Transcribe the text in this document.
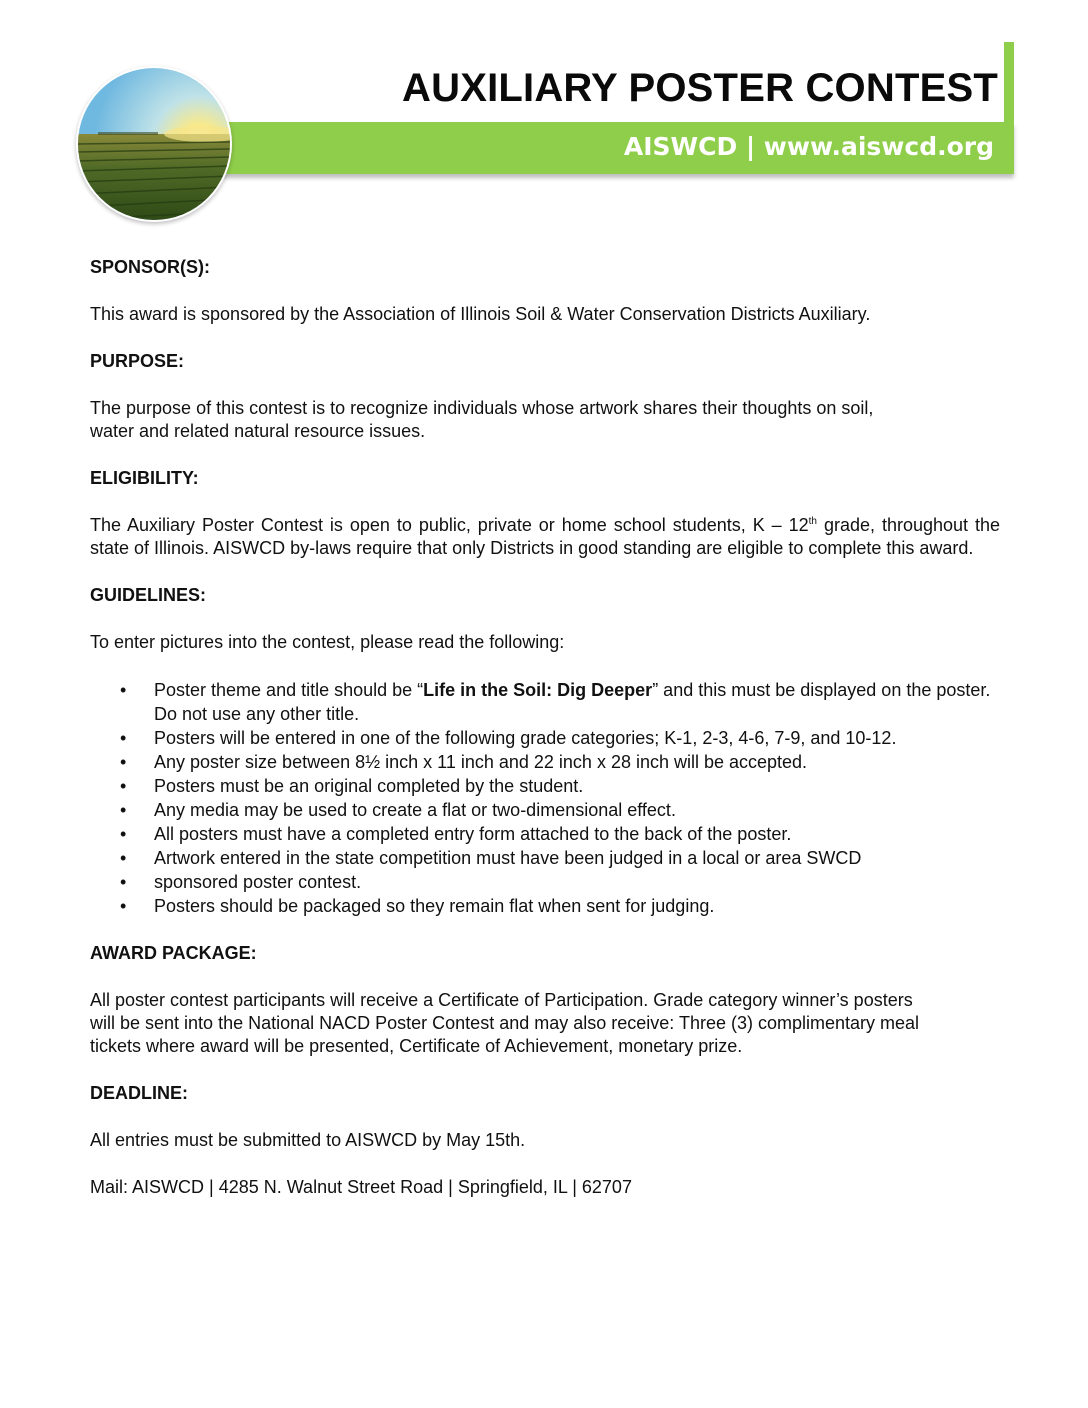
AUXILIARY POSTER CONTEST
AISWCD | www.aiswcd.org

SPONSOR(S):

This award is sponsored by the Association of Illinois Soil & Water Conservation Districts Auxiliary.

PURPOSE:

The purpose of this contest is to recognize individuals whose artwork shares their thoughts on soil,

water and related natural resource issues.

ELIGIBILITY:

The Auxiliary Poster Contest is open to public, private or home school students, K – 12th grade, throughout the state of Illinois. AISWCD by-laws require that only Districts in good standing are eligible to complete this award.

GUIDELINES:

To enter pictures into the contest, please read the following:

• Poster theme and title should be “Life in the Soil: Dig Deeper” and this must be displayed on the poster. Do not use any other title.
• Posters will be entered in one of the following grade categories; K-1, 2-3, 4-6, 7-9, and 10-12.
• Any poster size between 8½ inch x 11 inch and 22 inch x 28 inch will be accepted.
• Posters must be an original completed by the student.
• Any media may be used to create a flat or two-dimensional effect.
• All posters must have a completed entry form attached to the back of the poster.
• Artwork entered in the state competition must have been judged in a local or area SWCD
• sponsored poster contest.
• Posters should be packaged so they remain flat when sent for judging.

AWARD PACKAGE:

All poster contest participants will receive a Certificate of Participation. Grade category winner’s posters

will be sent into the National NACD Poster Contest and may also receive: Three (3) complimentary meal

tickets where award will be presented, Certificate of Achievement, monetary prize.

DEADLINE:

All entries must be submitted to AISWCD by May 15th.

Mail: AISWCD | 4285 N. Walnut Street Road | Springfield, IL | 62707
